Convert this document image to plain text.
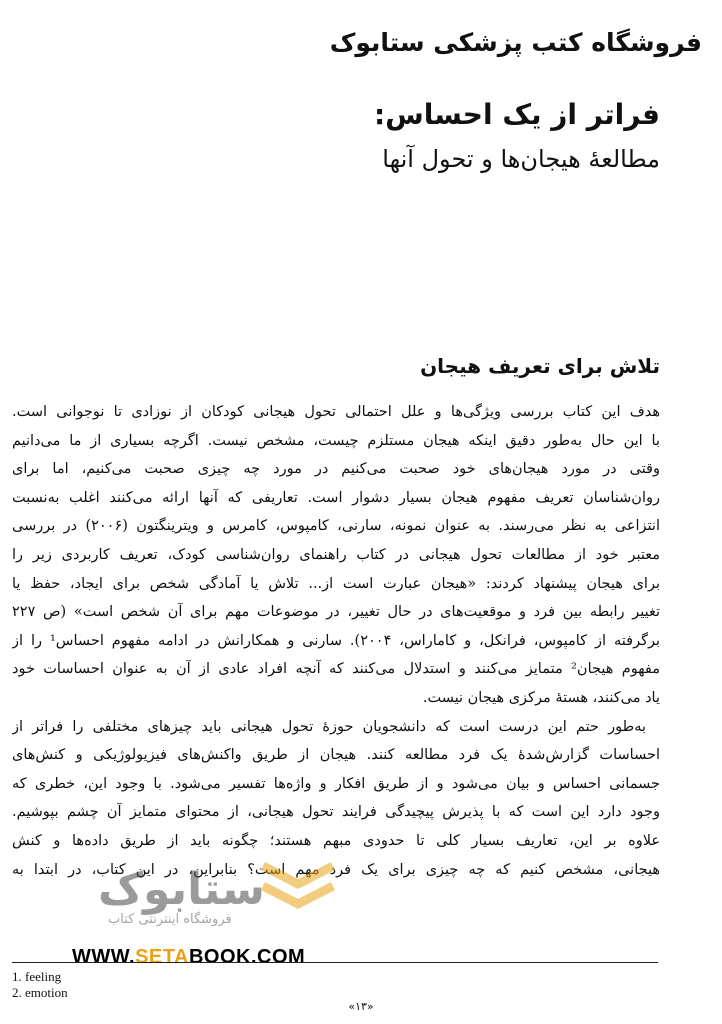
فروشگاه کتب پزشکی ستابوک
فراتر از یک احساس:
مطالعهٔ هیجان‌ها و تحول آنها
تلاش برای تعریف هیجان
هدف این کتاب بررسی ویژگی‌ها و علل احتمالی تحول هیجانی کودکان از نوزادی تا نوجوانی است.
با این حال به‌طور دقیق اینکه هیجان مستلزم چیست، مشخص نیست. اگرچه بسیاری از ما می‌دانیم
وقتی در مورد هیجان‌های خود صحبت می‌کنیم در مورد چه چیزی صحبت می‌کنیم، اما برای
روان‌شناسان تعریف مفهوم هیجان بسیار دشوار است. تعاریفی که آنها ارائه می‌کنند اغلب به‌نسبت
انتزاعی به نظر می‌رسند. به عنوان نمونه، سارنی، کامپوس، کامرس و ویترینگتون (۲۰۰۶) در بررسی
معتبر خود از مطالعات تحول هیجانی در کتاب راهنمای روان‌شناسی کودک، تعریف کاربردی زیر را
برای هیجان پیشنهاد کردند: «هیجان عبارت است از... تلاش یا آمادگی شخص برای ایجاد، حفظ یا
تغییر رابطه بین فرد و موقعیت‌های در حال تغییر، در موضوعات مهم برای آن شخص است» (ص ۲۲۷
برگرفته از کامپوس، فرانکل، و کاماراس، ۲۰۰۴). سارنی و همکارانش در ادامه مفهوم احساس¹ را از
مفهوم هیجان² متمایز می‌کنند و استدلال می‌کنند که آنچه افراد عادی از آن به عنوان احساسات خود
یاد می‌کنند، هستهٔ مرکزی هیجان نیست.
به‌طور حتم این درست است که دانشجویان حوزهٔ تحول هیجانی باید چیزهای مختلفی را فراتر از
احساسات گزارش‌شدهٔ یک فرد مطالعه کنند. هیجان از طریق واکنش‌های فیزیولوژیکی و کنش‌های
جسمانی احساس و بیان می‌شود و از طریق افکار و واژه‌ها تفسیر می‌شود. با وجود این، خطری که
وجود دارد این است که با پذیرش پیچیدگی فرایند تحول هیجانی، از محتوای متمایز آن چشم بپوشیم.
علاوه بر این، تعاریف بسیار کلی تا حدودی مبهم هستند؛ چگونه باید از طریق داده‌ها و کنش
هیجانی، مشخص کنیم که چه چیزی برای یک فرد مهم است؟ بنابراین، در این کتاب، در ابتدا به
ستابوک
فروشگاه اینترنتی کتاب
WWW.SETABOOK.COM
1. feeling
2. emotion
«۱۳»
